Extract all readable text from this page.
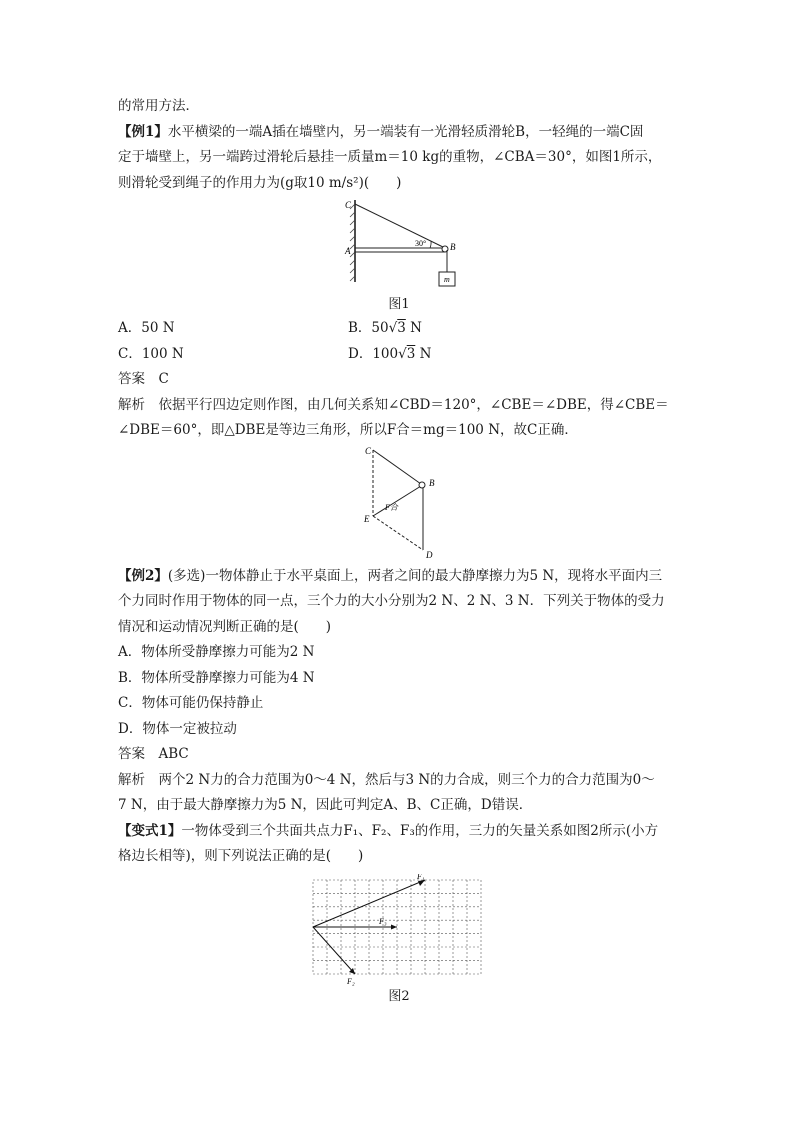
的常用方法．
【例1】水平横梁的一端A插在墙壁内，另一端装有一光滑轻质滑轮B，一轻绳的一端C固
定于墙壁上，另一端跨过滑轮后悬挂一质量m＝10 kg的重物，∠CBA＝30°，如图1所示，
则滑轮受到绳子的作用力为(g取10 m/s²)(　　)
C
A	B
m
30°
图1
A．50 N	B．50√3 N
C．100 N	D．100√3 N
答案　 C
解析　 依据平行四边定则作图，由几何关系知∠CBD＝120°，∠CBE＝∠DBE，得∠CBE＝
∠DBE＝60°，即△DBE是等边三角形，所以F合＝mg＝100 N，故C正确．
C
B
E
F合
D
【例2】(多选)一物体静止于水平桌面上，两者之间的最大静摩擦力为5 N，现将水平面内三
个力同时作用于物体的同一点，三个力的大小分别为2 N、2 N、3 N．下列关于物体的受力
情况和运动情况判断正确的是(　　)
A．物体所受静摩擦力可能为2 N
B．物体所受静摩擦力可能为4 N
C．物体可能仍保持静止
D．物体一定被拉动
答案　 ABC
解析　 两个2 N力的合力范围为0～4 N，然后与3 N的力合成，则三个力的合力范围为0～
7 N，由于最大静摩擦力为5 N，因此可判定A、B、C正确，D错误．
【变式1】一物体受到三个共面共点力F₁、F₂、F₃的作用，三力的矢量关系如图2所示(小方
格边长相等)，则下列说法正确的是(　　)
F₁
F₃
F₂
图2
